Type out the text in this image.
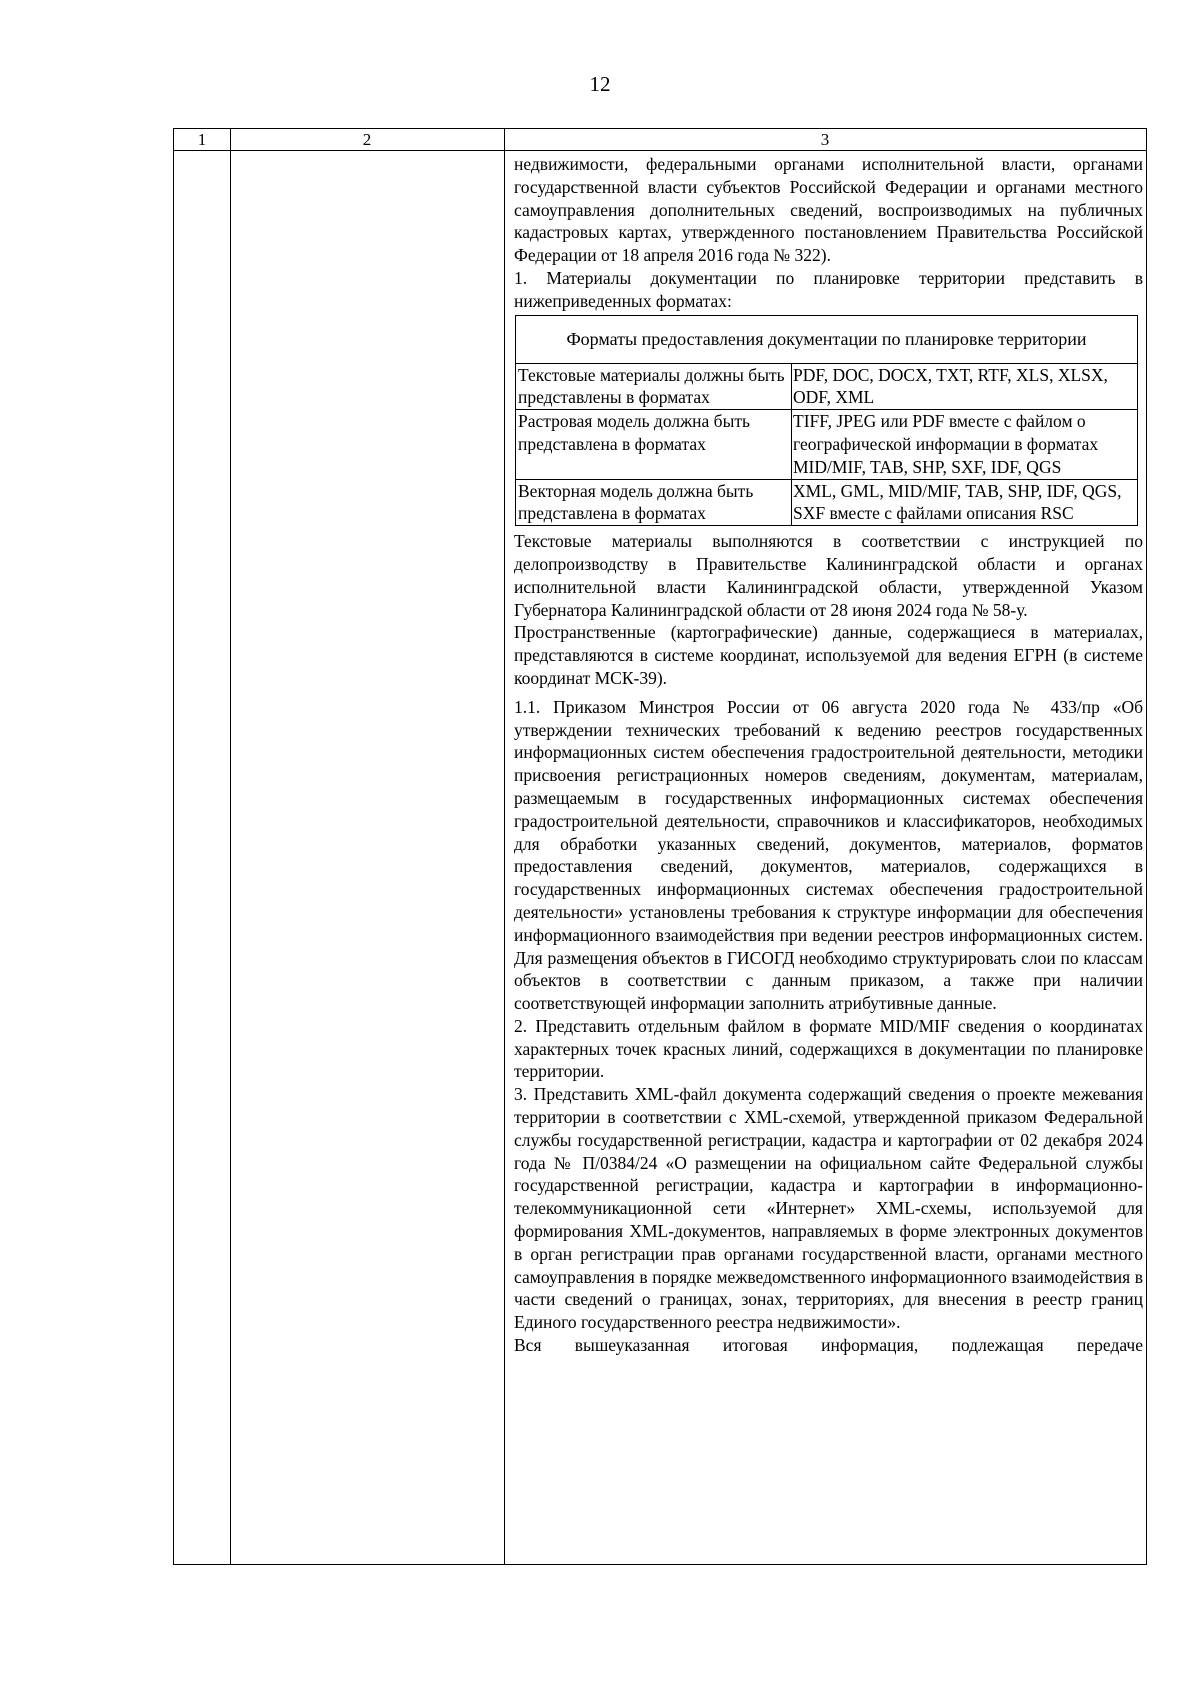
12
1	2	3

недвижимости, федеральными органами исполнительной власти, органами государственной власти субъектов Российской Федерации и органами местного самоуправления дополнительных сведений, воспроизводимых на публичных кадастровых картах, утвержденного постановлением Правительства Российской Федерации от 18 апреля 2016 года № 322).

1. Материалы документации по планировке территории представить в нижеприведенных форматах:

Форматы предоставления документации по планировке территории	
Текстовые материалы должны быть представлены в форматах	PDF, DOC, DOCX, TXT, RTF, XLS, XLSX, ODF, XML
Растровая модель должна быть представлена в форматах	TIFF, JPEG или PDF вместе с файлом о географической информации в форматах MID/MIF, TAB, SHP, SXF, IDF, QGS
Векторная модель должна быть представлена в форматах	XML, GML, MID/MIF, TAB, SHP, IDF, QGS, SXF вместе с файлами описания RSC

Текстовые материалы выполняются в соответствии с инструкцией по делопроизводству в Правительстве Калининградской области и органах исполнительной власти Калининградской области, утвержденной Указом Губернатора Калининградской области от 28 июня 2024 года № 58-у.

Пространственные (картографические) данные, содержащиеся в материалах, представляются в системе координат, используемой для ведения ЕГРН (в системе координат МСК-39).

1.1. Приказом Минстроя России от 06 августа 2020 года № 433/пр «Об утверждении технических требований к ведению реестров государственных информационных систем обеспечения градостроительной деятельности, методики присвоения регистрационных номеров сведениям, документам, материалам, размещаемым в государственных информационных системах обеспечения градостроительной деятельности, справочников и классификаторов, необходимых для обработки указанных сведений, документов, материалов, форматов предоставления сведений, документов, материалов, содержащихся в государственных информационных системах обеспечения градостроительной деятельности» установлены требования к структуре информации для обеспечения информационного взаимодействия при ведении реестров информационных систем. Для размещения объектов в ГИСОГД необходимо структурировать слои по классам объектов в соответствии с данным приказом, а также при наличии соответствующей информации заполнить атрибутивные данные.

2. Представить отдельным файлом в формате MID/MIF сведения о координатах характерных точек красных линий, содержащихся в документации по планировке территории.

3. Представить XML-файл документа содержащий сведения о проекте межевания территории в соответствии с XML-схемой, утвержденной приказом Федеральной службы государственной регистрации, кадастра и картографии от 02 декабря 2024 года № П/0384/24 «О размещении на официальном сайте Федеральной службы государственной регистрации, кадастра и картографии в информационно-телекоммуникационной сети «Интернет» XML-схемы, используемой для формирования XML-документов, направляемых в форме электронных документов в орган регистрации прав органами государственной власти, органами местного самоуправления в порядке межведомственного информационного взаимодействия в части сведений о границах, зонах, территориях, для внесения в реестр границ Единого государственного реестра недвижимости».

Вся вышеуказанная итоговая информация, подлежащая передаче
